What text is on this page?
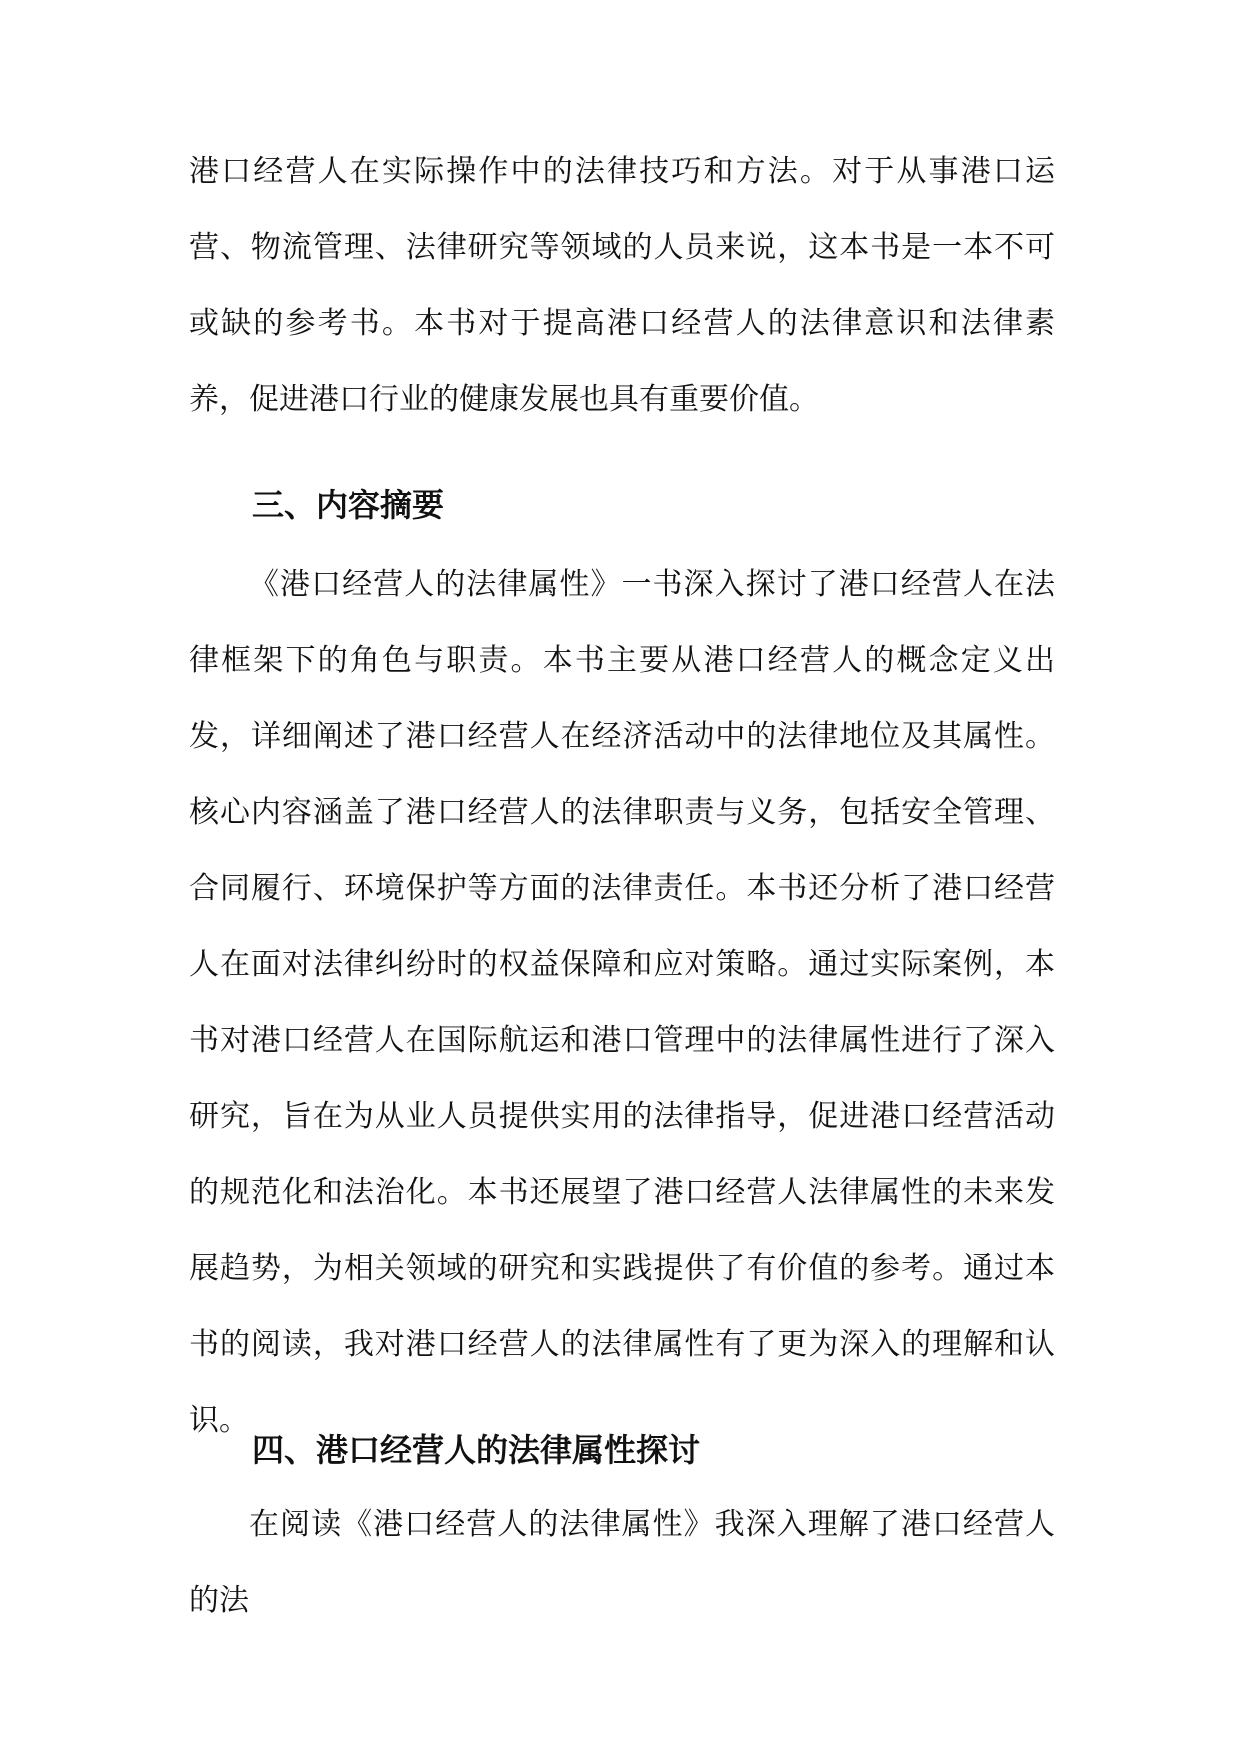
港口经营人在实际操作中的法律技巧和方法。对于从事港口运营、物流管理、法律研究等领域的人员来说，这本书是一本不可或缺的参考书。本书对于提高港口经营人的法律意识和法律素养，促进港口行业的健康发展也具有重要价值。

三、内容摘要

《港口经营人的法律属性》一书深入探讨了港口经营人在法律框架下的角色与职责。本书主要从港口经营人的概念定义出发，详细阐述了港口经营人在经济活动中的法律地位及其属性。核心内容涵盖了港口经营人的法律职责与义务，包括安全管理、合同履行、环境保护等方面的法律责任。本书还分析了港口经营人在面对法律纠纷时的权益保障和应对策略。通过实际案例，本书对港口经营人在国际航运和港口管理中的法律属性进行了深入研究，旨在为从业人员提供实用的法律指导，促进港口经营活动的规范化和法治化。本书还展望了港口经营人法律属性的未来发展趋势，为相关领域的研究和实践提供了有价值的参考。通过本书的阅读，我对港口经营人的法律属性有了更为深入的理解和认识。

四、港口经营人的法律属性探讨

在阅读《港口经营人的法律属性》我深入理解了港口经营人的法
